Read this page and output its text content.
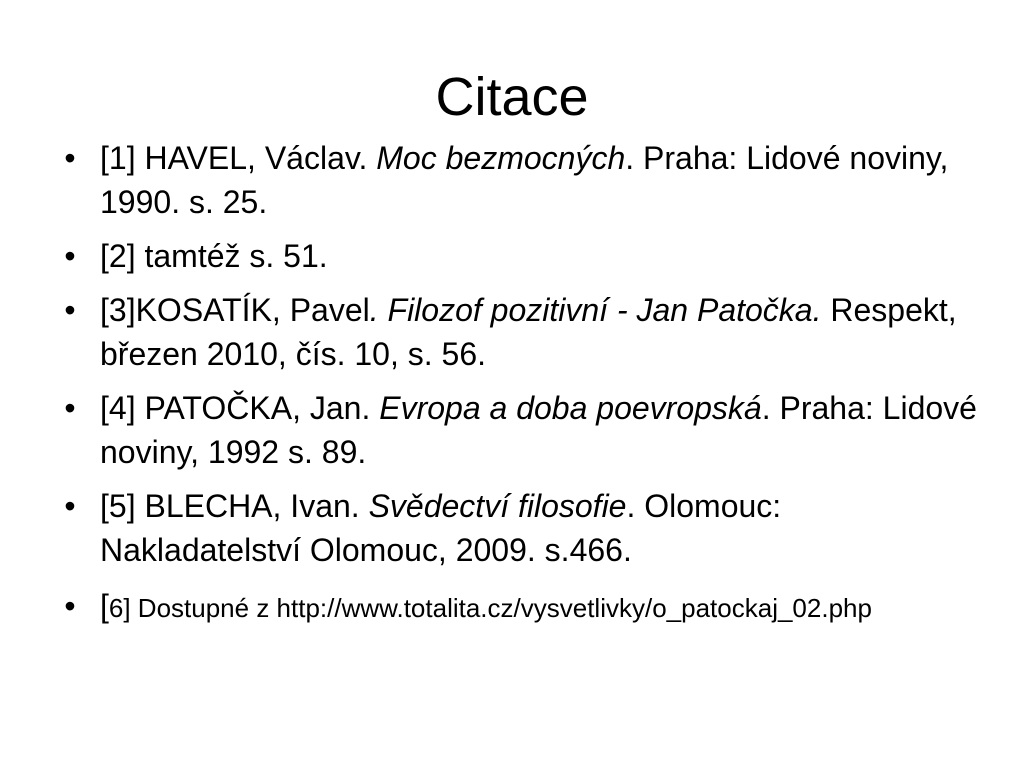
Citace
• [1] HAVEL, Václav. Moc bezmocných. Praha: Lidové noviny, 1990. s. 25.
• [2] tamtéž s. 51.
• [3]KOSATÍK, Pavel. Filozof pozitivní - Jan Patočka. Respekt, březen 2010, čís. 10, s. 56.
• [4] PATOČKA, Jan. Evropa a doba poevropská. Praha: Lidové noviny, 1992 s. 89.
• [5] BLECHA, Ivan. Svědectví filosofie. Olomouc: Nakladatelství Olomouc, 2009. s.466.
• [6] Dostupné z http://www.totalita.cz/vysvetlivky/o_patockaj_02.php
